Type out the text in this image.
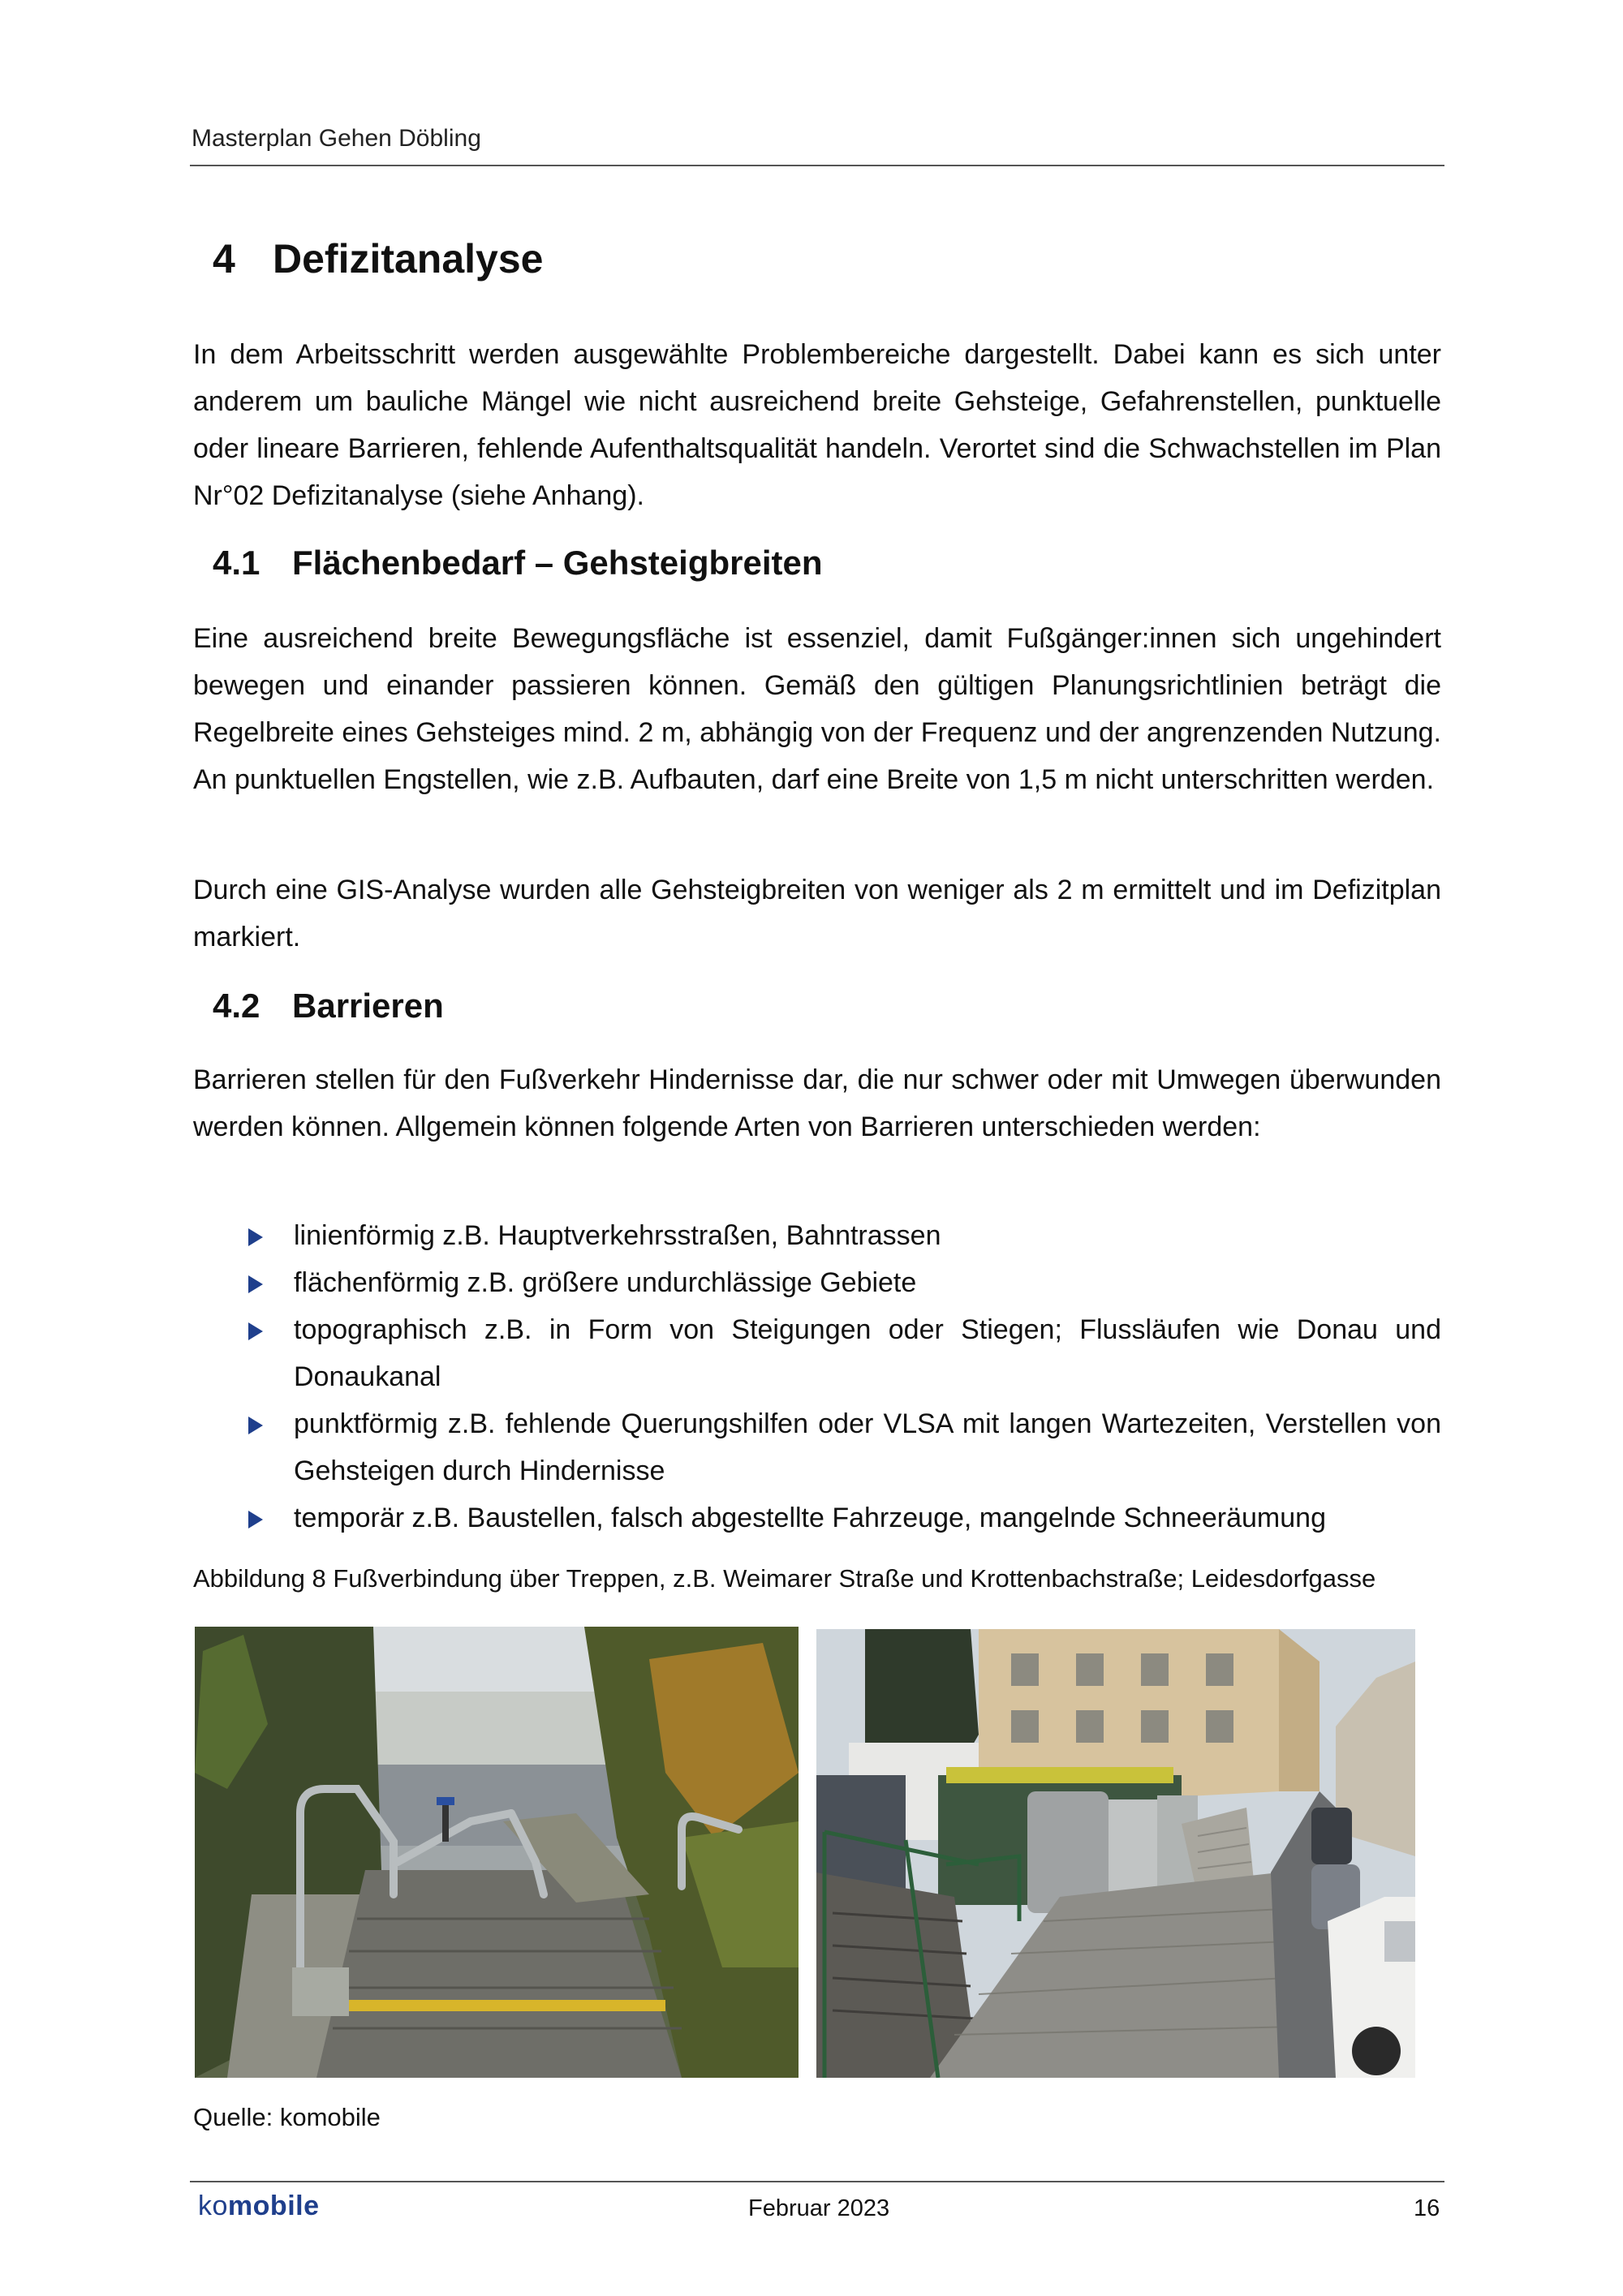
Masterplan Gehen Döbling
4 Defizitanalyse

In dem Arbeitsschritt werden ausgewählte Problembereiche dargestellt. Dabei kann es sich unter anderem um bauliche Mängel wie nicht ausreichend breite Gehsteige, Gefahrenstellen, punktuelle oder lineare Barrieren, fehlende Aufenthaltsqualität handeln. Verortet sind die Schwachstellen im Plan Nr°02 Defizitanalyse (siehe Anhang).

4.1 Flächenbedarf – Gehsteigbreiten

Eine ausreichend breite Bewegungsfläche ist essenziel, damit Fußgänger:innen sich ungehindert bewegen und einander passieren können. Gemäß den gültigen Planungsrichtlinien beträgt die Regelbreite eines Gehsteiges mind. 2 m, abhängig von der Frequenz und der angrenzenden Nutzung. An punktuellen Engstellen, wie z.B. Aufbauten, darf eine Breite von 1,5 m nicht unterschritten werden.

Durch eine GIS-Analyse wurden alle Gehsteigbreiten von weniger als 2 m ermittelt und im Defizitplan markiert.

4.2 Barrieren

Barrieren stellen für den Fußverkehr Hindernisse dar, die nur schwer oder mit Umwegen überwunden werden können. Allgemein können folgende Arten von Barrieren unterschieden werden:

linienförmig z.B. Hauptverkehrsstraßen, Bahntrassen
flächenförmig z.B. größere undurchlässige Gebiete
topographisch z.B. in Form von Steigungen oder Stiegen; Flussläufen wie Donau und Donaukanal
punktförmig z.B. fehlende Querungshilfen oder VLSA mit langen Wartezeiten, Verstellen von Gehsteigen durch Hindernisse
temporär z.B. Baustellen, falsch abgestellte Fahrzeuge, mangelnde Schneeräumung
Abbildung 8 Fußverbindung über Treppen, z.B. Weimarer Straße und Krottenbachstraße; Leidesdorfgasse
Quelle: komobile
komobile	Februar 2023	16
